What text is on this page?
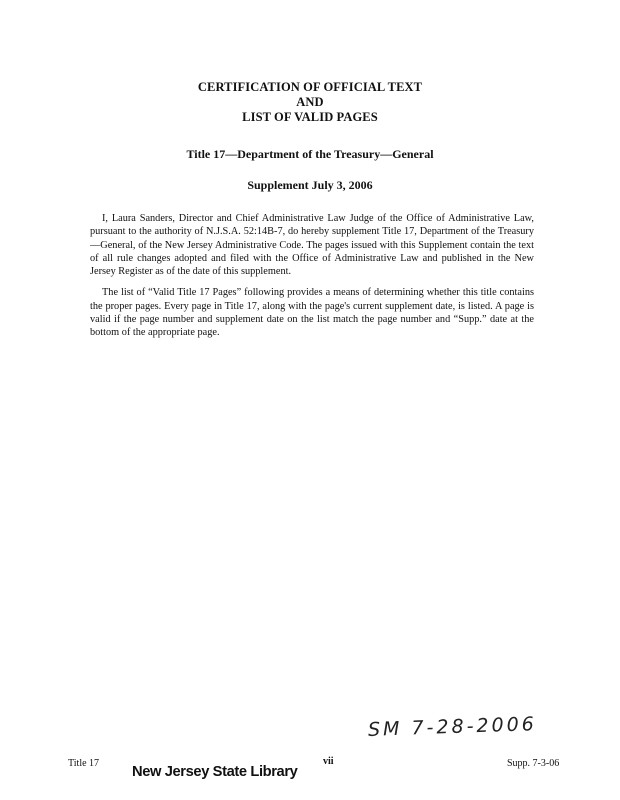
CERTIFICATION OF OFFICIAL TEXT
AND
LIST OF VALID PAGES
Title 17—Department of the Treasury—General
Supplement July 3, 2006

I, Laura Sanders, Director and Chief Administrative Law Judge of the Office of Administrative Law, pursuant to the authority of N.J.S.A. 52:14B-7, do hereby supplement Title 17, Department of the Treasury—General, of the New Jersey Administrative Code. The pages issued with this Supplement contain the text of all rule changes adopted and filed with the Office of Administrative Law and published in the New Jersey Register as of the date of this supplement.

The list of “Valid Title 17 Pages” following provides a means of determining whether this title contains the proper pages. Every page in Title 17, along with the page's current supplement date, is listed. A page is valid if the page number and supplement date on the list match the page number and “Supp.” date at the bottom of the appropriate page.

SM 7-28-2006
Title 17 New Jersey State Library
vii	Supp. 7-3-06
